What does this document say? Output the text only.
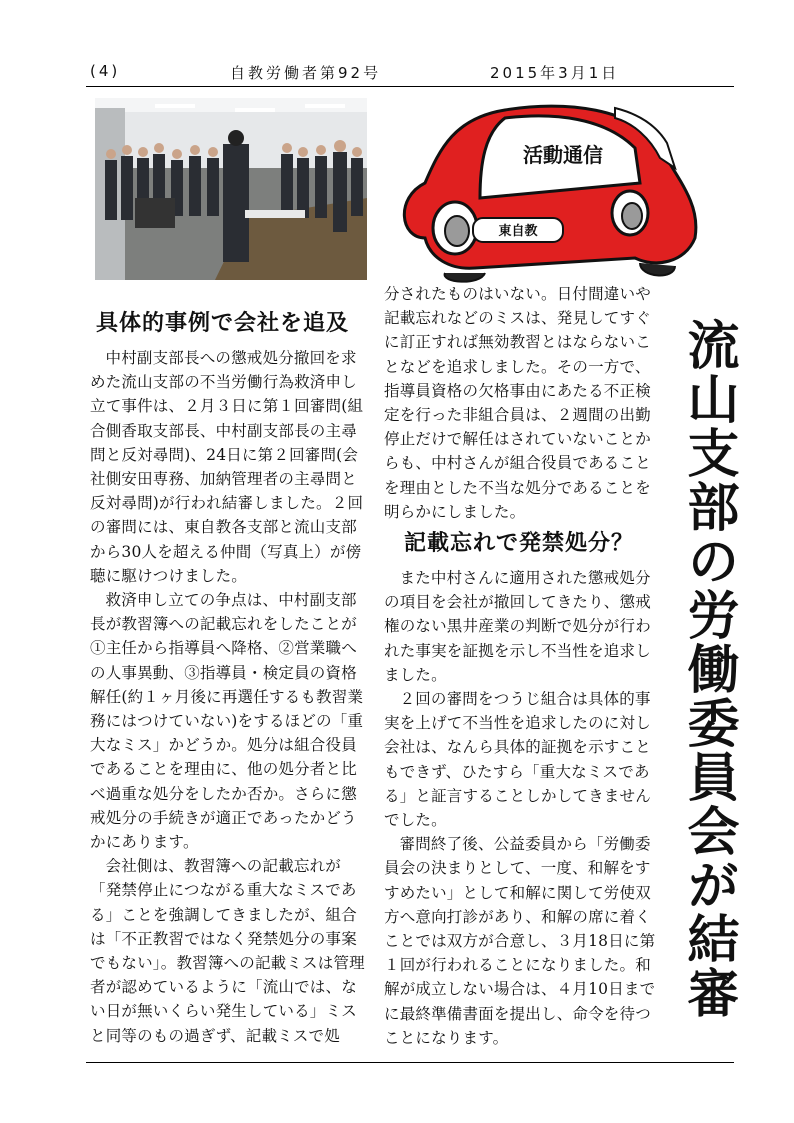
(4)	自教労働者第92号	2015年3月1日
活動通信
東自教
具体的事例で会社を追及

中村副支部長への懲戒処分撤回を求めた流山支部の不当労働行為救済申し立て事件は、２月３日に第１回審問(組合側香取支部長、中村副支部長の主尋問と反対尋問)、24日に第２回審問(会社側安田専務、加納管理者の主尋問と反対尋問)が行われ結審しました。２回の審問には、東自教各支部と流山支部から30人を超える仲間（写真上）が傍聴に駆けつけました。

救済申し立ての争点は、中村副支部長が教習簿への記載忘れをしたことが①主任から指導員へ降格、②営業職への人事異動、③指導員・検定員の資格解任(約１ヶ月後に再選任するも教習業務にはつけていない)をするほどの「重大なミス」かどうか。処分は組合役員であることを理由に、他の処分者と比べ過重な処分をしたか否か。さらに懲戒処分の手続きが適正であったかどうかにあります。

会社側は、教習簿への記載忘れが「発禁停止につながる重大なミスである」ことを強調してきましたが、組合は「不正教習ではなく発禁処分の事案でもない」。教習簿への記載ミスは管理者が認めているように「流山では、ない日が無いくらい発生している」ミスと同等のもの過ぎず、記載ミスで処

分されたものはいない。日付間違いや記載忘れなどのミスは、発見してすぐに訂正すれば無効教習とはならないことなどを追求しました。その一方で、指導員資格の欠格事由にあたる不正検定を行った非組合員は、２週間の出勤停止だけで解任はされていないことからも、中村さんが組合役員であることを理由とした不当な処分であることを明らかにしました。

記載忘れで発禁処分？

また中村さんに適用された懲戒処分の項目を会社が撤回してきたり、懲戒権のない黒井産業の判断で処分が行われた事実を証拠を示し不当性を追求しました。

２回の審問をつうじ組合は具体的事実を上げて不当性を追求したのに対し会社は、なんら具体的証拠を示すこともできず、ひたすら「重大なミスである」と証言することしかしてきませんでした。

審問終了後、公益委員から「労働委員会の決まりとして、一度、和解をすすめたい」として和解に関して労使双方へ意向打診があり、和解の席に着くことでは双方が合意し、３月18日に第１回が行われることになりました。和解が成立しない場合は、４月10日までに最終準備書面を提出し、命令を待つことになります。

流山支部の労働委員会が結審
